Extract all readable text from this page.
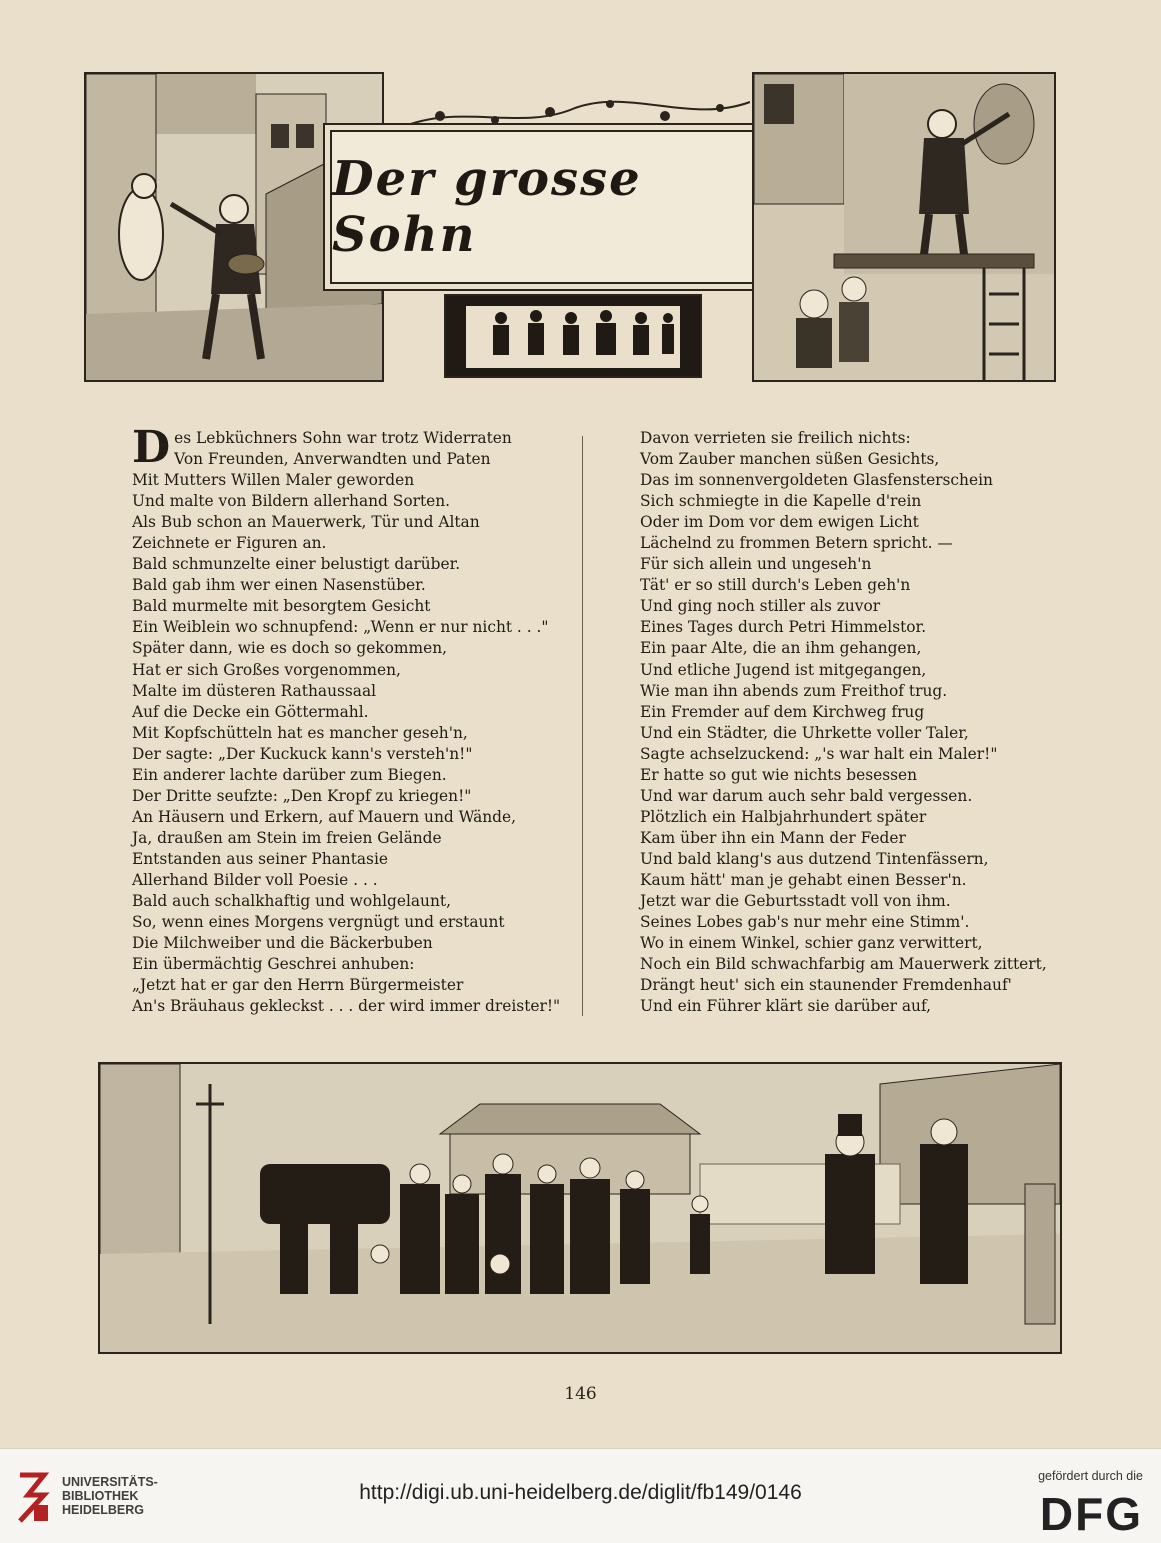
Der grosse Sohn
D es Lebküchners Sohn war trotz Widerraten
Von Freunden, Anverwandten und Paten
Mit Mutters Willen Maler geworden
Und malte von Bildern allerhand Sorten.
Als Bub schon an Mauerwerk, Tür und Altan
Zeichnete er Figuren an.
Bald schmunzelte einer belustigt darüber.
Bald gab ihm wer einen Nasenstüber.
Bald murmelte mit besorgtem Gesicht
Ein Weiblein wo schnupfend: „Wenn er nur nicht . . ."
Später dann, wie es doch so gekommen,
Hat er sich Großes vorgenommen,
Malte im düsteren Rathaussaal
Auf die Decke ein Göttermahl.
Mit Kopfschütteln hat es mancher geseh'n,
Der sagte: „Der Kuckuck kann's versteh'n!"
Ein anderer lachte darüber zum Biegen.
Der Dritte seufzte: „Den Kropf zu kriegen!"
An Häusern und Erkern, auf Mauern und Wände,
Ja, draußen am Stein im freien Gelände
Entstanden aus seiner Phantasie
Allerhand Bilder voll Poesie . . .
Bald auch schalkhaftig und wohlgelaunt,
So, wenn eines Morgens vergnügt und erstaunt
Die Milchweiber und die Bäckerbuben
Ein übermächtig Geschrei anhuben:
„Jetzt hat er gar den Herrn Bürgermeister
An's Bräuhaus gekleckst . . . der wird immer dreister!"
Davon verrieten sie freilich nichts:
Vom Zauber manchen süßen Gesichts,
Das im sonnenvergoldeten Glasfensterschein
Sich schmiegte in die Kapelle d'rein
Oder im Dom vor dem ewigen Licht
Lächelnd zu frommen Betern spricht. —
Für sich allein und ungeseh'n
Tät' er so still durch's Leben geh'n
Und ging noch stiller als zuvor
Eines Tages durch Petri Himmelstor.
Ein paar Alte, die an ihm gehangen,
Und etliche Jugend ist mitgegangen,
Wie man ihn abends zum Freithof trug.
Ein Fremder auf dem Kirchweg frug
Und ein Städter, die Uhrkette voller Taler,
Sagte achselzuckend: „'s war halt ein Maler!"
Er hatte so gut wie nichts besessen
Und war darum auch sehr bald vergessen.
Plötzlich ein Halbjahrhundert später
Kam über ihn ein Mann der Feder
Und bald klang's aus dutzend Tintenfässern,
Kaum hätt' man je gehabt einen Besser'n.
Jetzt war die Geburtsstadt voll von ihm.
Seines Lobes gab's nur mehr eine Stimm'.
Wo in einem Winkel, schier ganz verwittert,
Noch ein Bild schwachfarbig am Mauerwerk zittert,
Drängt heut' sich ein staunender Fremdenhauf'
Und ein Führer klärt sie darüber auf,
146
UNIVERSITÄTS-
BIBLIOTHEK
HEIDELBERG
http://digi.ub.uni-heidelberg.de/diglit/fb149/0146
gefördert durch die
DFG
